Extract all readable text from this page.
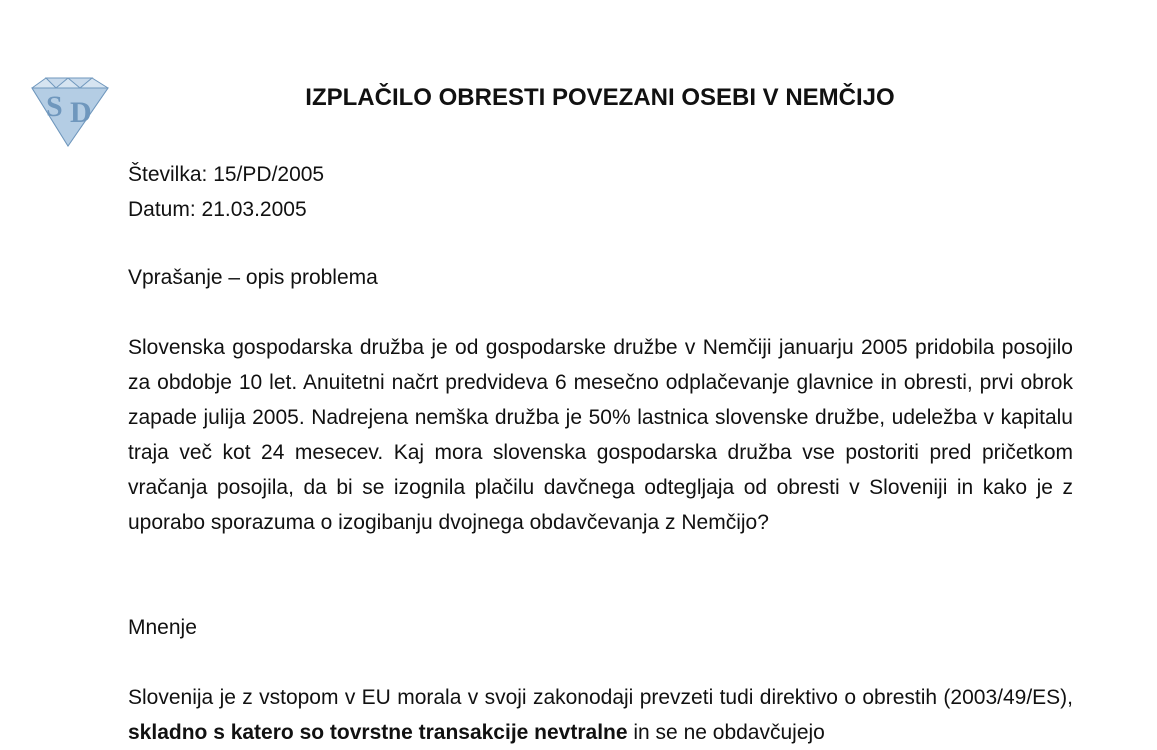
S D	IZPLAČILO OBRESTI POVEZANI OSEBI V NEMČIJO
Številka: 15/PD/2005
Datum: 21.03.2005
Vprašanje – opis problema
Slovenska gospodarska družba je od gospodarske družbe v Nemčiji januarju 2005 pridobila posojilo za obdobje 10 let. Anuitetni načrt predvideva 6 mesečno odplačevanje glavnice in obresti, prvi obrok zapade julija 2005. Nadrejena nemška družba je 50% lastnica slovenske družbe, udeležba v kapitalu traja več kot 24 mesecev. Kaj mora slovenska gospodarska družba vse postoriti pred pričetkom vračanja posojila, da bi se izognila plačilu davčnega odtegljaja od obresti v Sloveniji in kako je z uporabo sporazuma o izogibanju dvojnega obdavčevanja z Nemčijo?
Mnenje
Slovenija je z vstopom v EU morala v svoji zakonodaji prevzeti tudi direktivo o obrestih (2003/49/ES), skladno s katero so tovrstne transakcije nevtralne in se ne obdavčujejo
